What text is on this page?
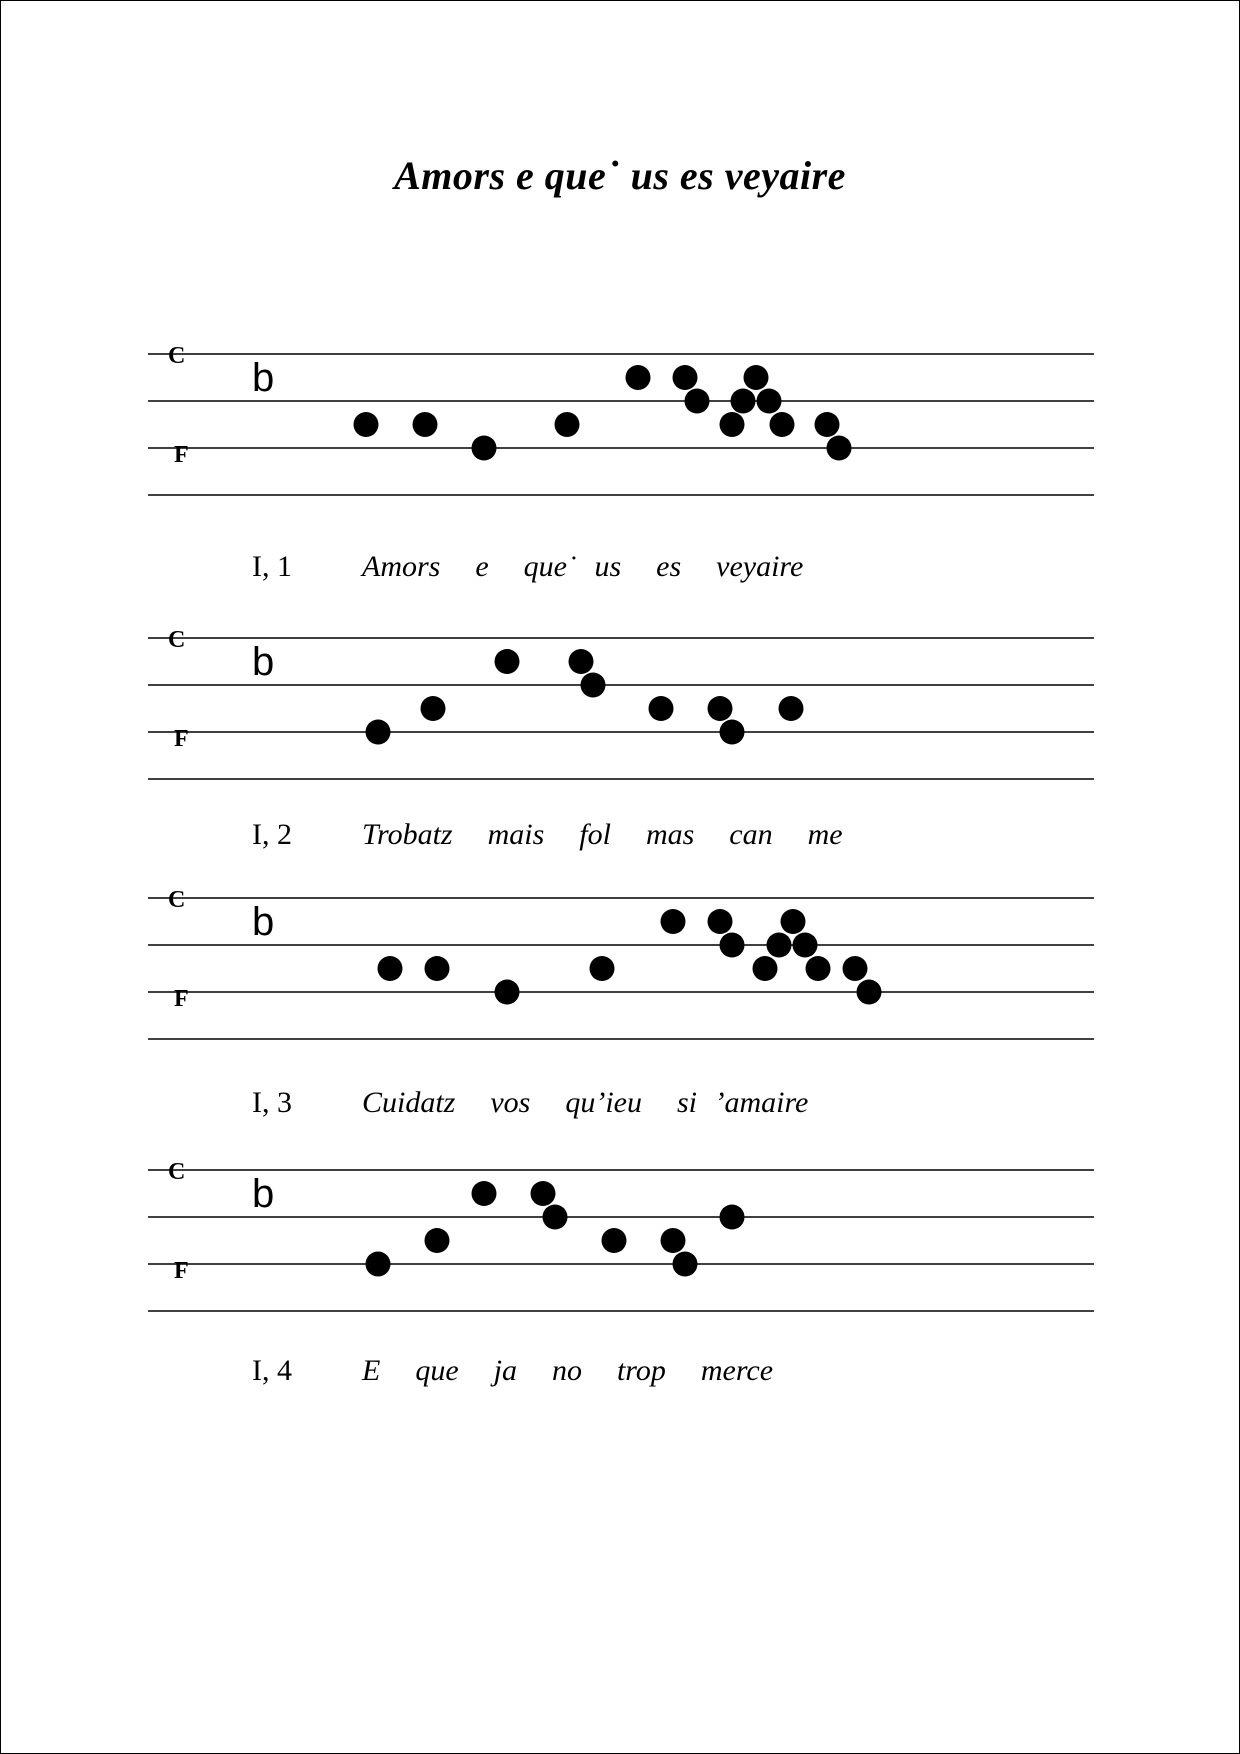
Amors e que˙ us es veyaire
C
F
b
I, 1 Amors  e  que˙ us  es  veyaire
C
F
b
I, 2 Trobatz  mais  fol  mas  can  me
C
F
b
I, 3 Cuidatz  vos  qu’ieu  si ’amaire
C
F
b
I, 4 E  que  ja  no  trop  merce
